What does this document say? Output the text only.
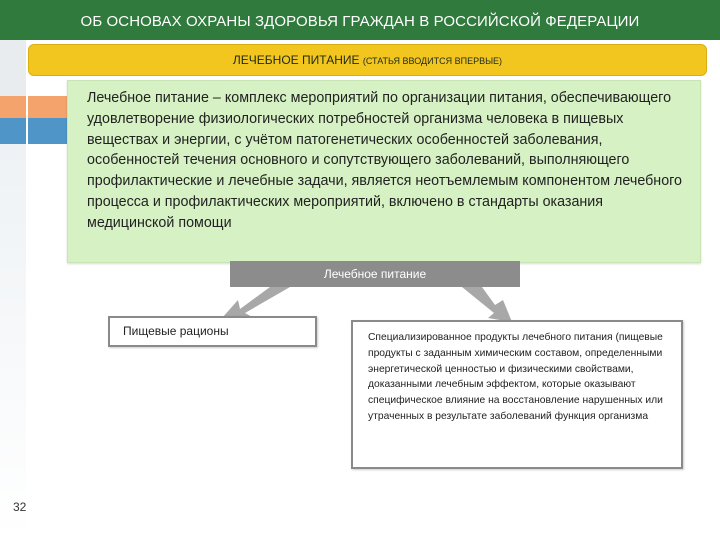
ОБ ОСНОВАХ ОХРАНЫ ЗДОРОВЬЯ ГРАЖДАН В РОССИЙСКОЙ ФЕДЕРАЦИИ
ЛЕЧЕБНОЕ ПИТАНИЕ (СТАТЬЯ ВВОДИТСЯ ВПЕРВЫЕ)

Лечебное питание – комплекс мероприятий по организации питания, обеспечивающего удовлетворение физиологических потребностей организма человека в пищевых веществах и энергии, с учётом патогенетических особенностей заболевания, особенностей течения основного и сопутствующего заболеваний, выполняющего профилактические и лечебные задачи, является неотъемлемым компонентом лечебного процесса и профилактических мероприятий, включено в стандарты оказания медицинской помощи

Лечебное питание
Пищевые рационы	Специализированное продукты лечебного питания (пищевые продукты с заданным химическим составом, определенными энергетической ценностью и физическими свойствами, доказанными лечебным эффектом, которые оказывают специфическое влияние на восстановление нарушенных или утраченных в результате заболеваний функция организма
32
